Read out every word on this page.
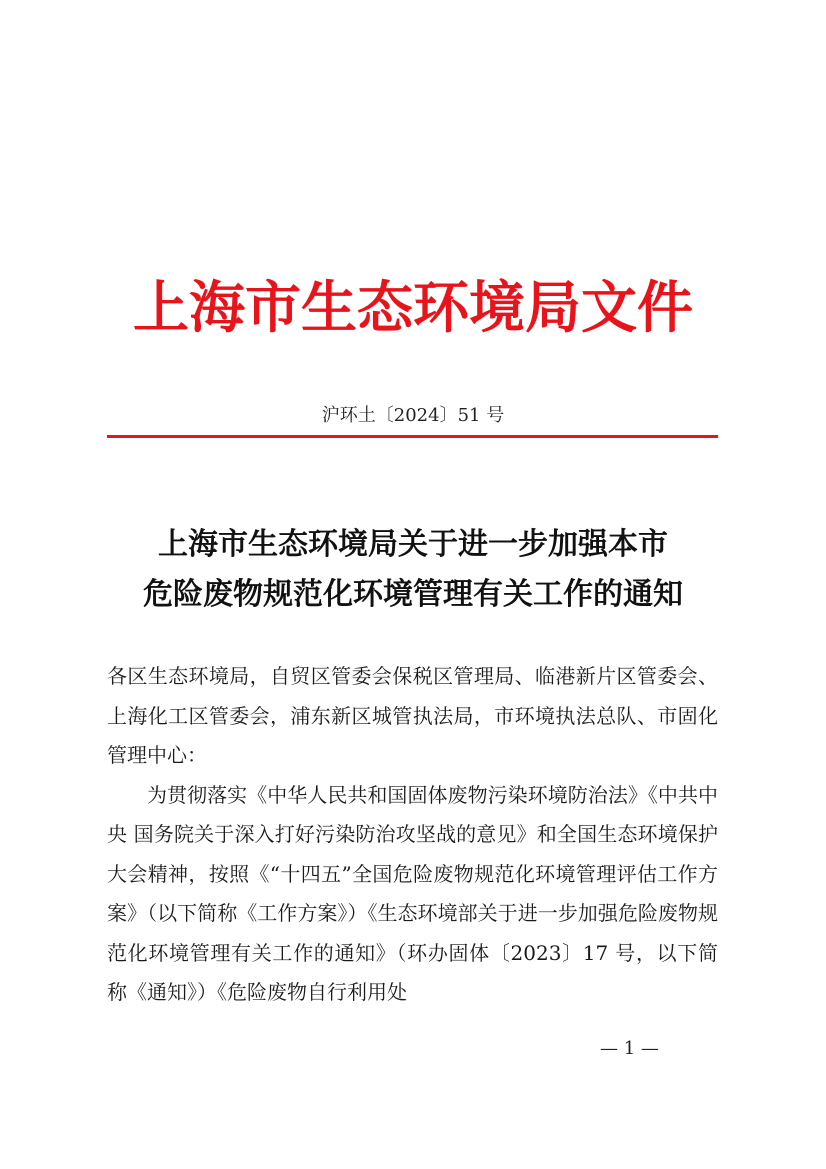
上海市生态环境局文件
沪环土〔2024〕51 号
上海市生态环境局关于进一步加强本市
危险废物规范化环境管理有关工作的通知

各区生态环境局，自贸区管委会保税区管理局、临港新片区管委会、上海化工区管委会，浦东新区城管执法局，市环境执法总队、市固化管理中心：

为贯彻落实《中华人民共和国固体废物污染环境防治法》《中共中央 国务院关于深入打好污染防治攻坚战的意见》和全国生态环境保护大会精神，按照《“十四五”全国危险废物规范化环境管理评估工作方案》（以下简称《工作方案》）《生态环境部关于进一步加强危险废物规范化环境管理有关工作的通知》（环办固体〔2023〕17 号，以下简称《通知》）《危险废物自行利用处

— 1 —
